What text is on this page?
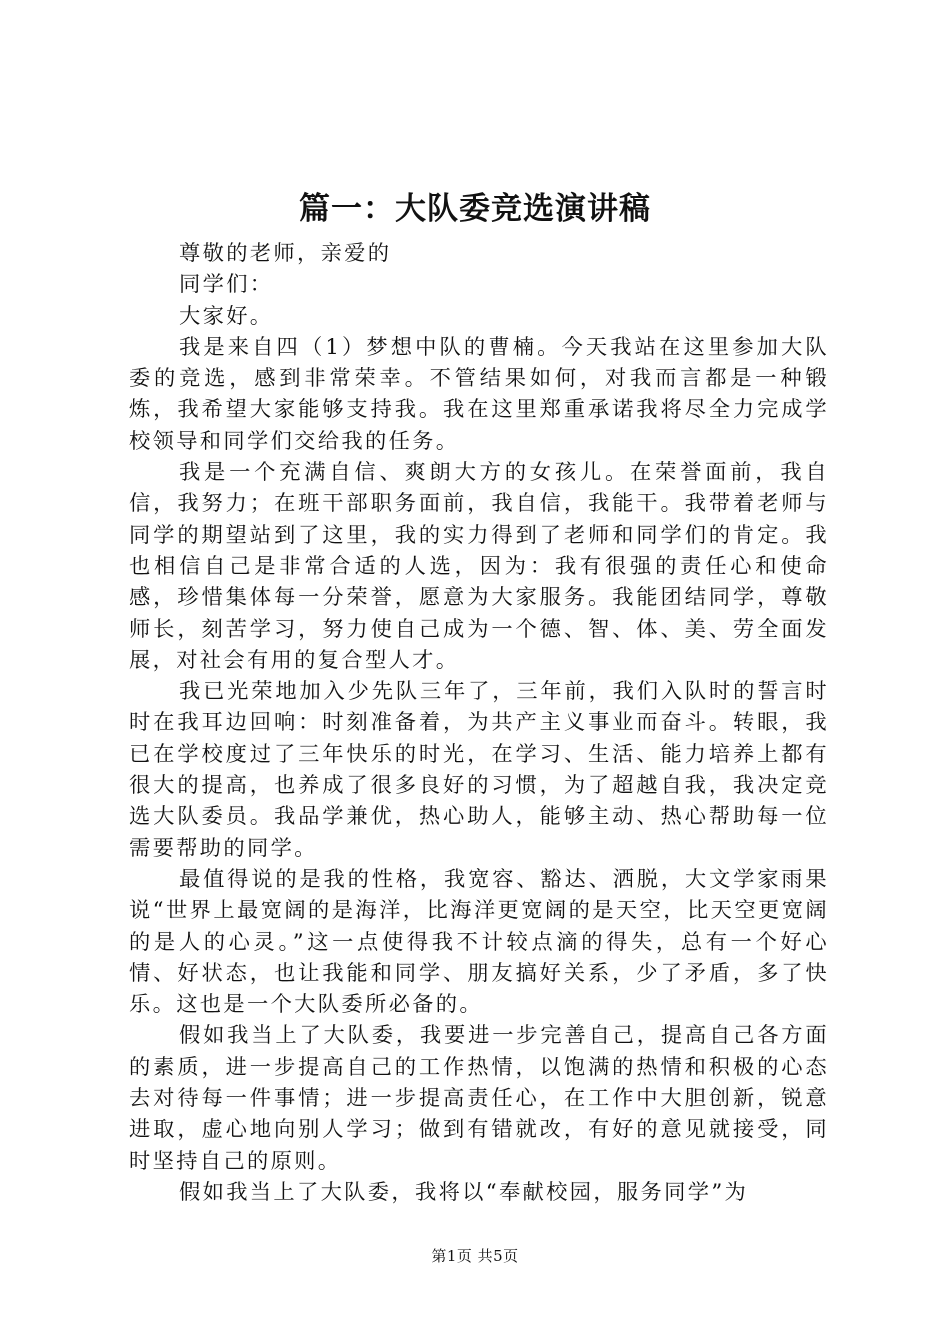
篇一：大队委竞选演讲稿

尊敬的老师，亲爱的

同学们：

大家好。

我是来自四（1）梦想中队的曹楠。今天我站在这里参加大队委的竞选，感到非常荣幸。不管结果如何，对我而言都是一种锻炼，我希望大家能够支持我。我在这里郑重承诺我将尽全力完成学校领导和同学们交给我的任务。

我是一个充满自信、爽朗大方的女孩儿。在荣誉面前，我自信，我努力；在班干部职务面前，我自信，我能干。我带着老师与同学的期望站到了这里，我的实力得到了老师和同学们的肯定。我也相信自己是非常合适的人选，因为：我有很强的责任心和使命感，珍惜集体每一分荣誉，愿意为大家服务。我能团结同学，尊敬师长，刻苦学习，努力使自己成为一个德、智、体、美、劳全面发展，对社会有用的复合型人才。

我已光荣地加入少先队三年了，三年前，我们入队时的誓言时时在我耳边回响：时刻准备着，为共产主义事业而奋斗。转眼，我已在学校度过了三年快乐的时光，在学习、生活、能力培养上都有很大的提高，也养成了很多良好的习惯，为了超越自我，我决定竞选大队委员。我品学兼优，热心助人，能够主动、热心帮助每一位需要帮助的同学。

最值得说的是我的性格，我宽容、豁达、洒脱，大文学家雨果说“世界上最宽阔的是海洋，比海洋更宽阔的是天空，比天空更宽阔的是人的心灵。”这一点使得我不计较点滴的得失，总有一个好心情、好状态，也让我能和同学、朋友搞好关系，少了矛盾，多了快乐。这也是一个大队委所必备的。

假如我当上了大队委，我要进一步完善自己，提高自己各方面的素质，进一步提高自己的工作热情，以饱满的热情和积极的心态去对待每一件事情；进一步提高责任心，在工作中大胆创新，锐意进取，虚心地向别人学习；做到有错就改，有好的意见就接受，同时坚持自己的原则。

假如我当上了大队委，我将以“奉献校园，服务同学”为

第1页 共5页
